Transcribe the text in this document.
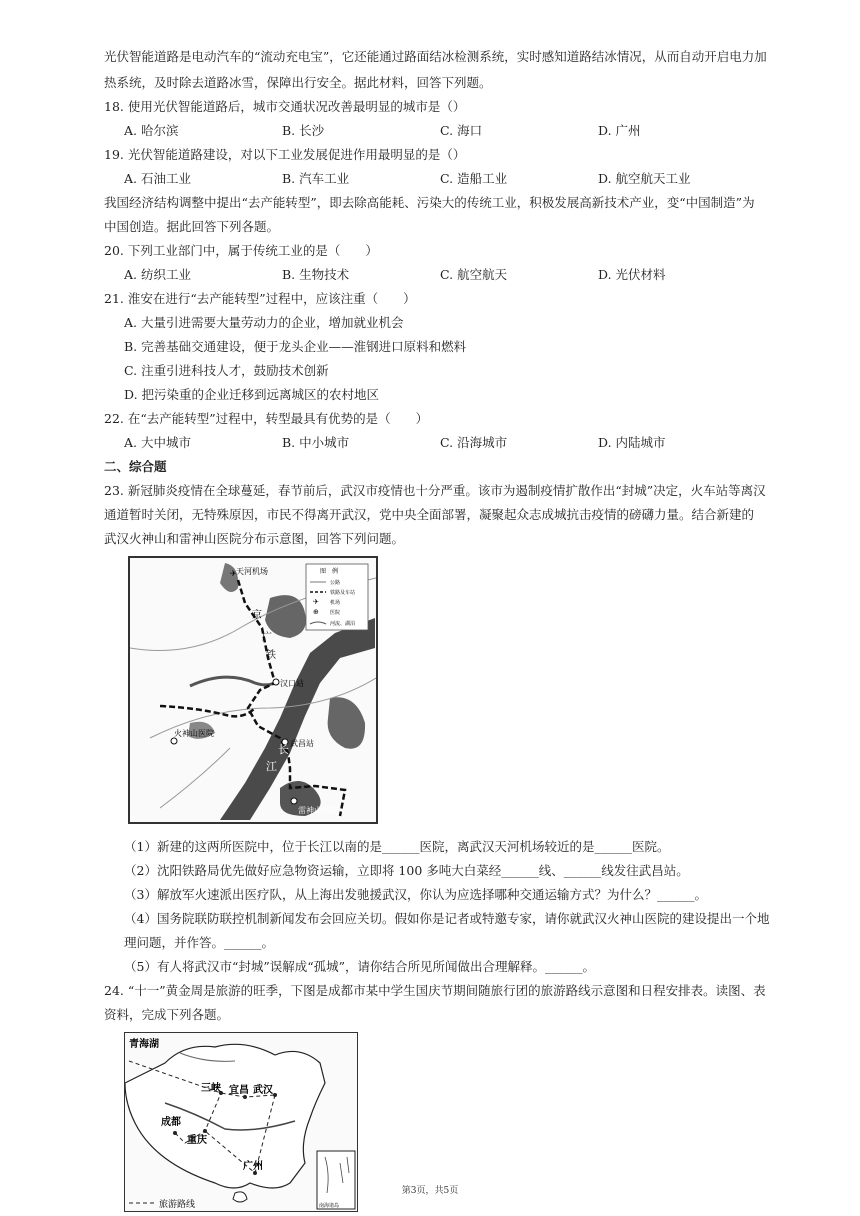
光伏智能道路是电动汽车的“流动充电宝”，它还能通过路面结冰检测系统，实时感知道路结冰情况，从而自动开启电力加
热系统，及时除去道路冰雪，保障出行安全。据此材料，回答下列题。
18. 使用光伏智能道路后，城市交通状况改善最明显的城市是（）
A. 哈尔滨	B. 长沙	C. 海口	D. 广州
19. 光伏智能道路建设，对以下工业发展促进作用最明显的是（）
A. 石油工业	B. 汽车工业	C. 造船工业	D. 航空航天工业
我国经济结构调整中提出“去产能转型”，即去除高能耗、污染大的传统工业，积极发展高新技术产业，变“中国制造”为
中国创造。据此回答下列各题。
20. 下列工业部门中，属于传统工业的是（　　）
A. 纺织工业	B. 生物技术	C. 航空航天	D. 光伏材料
21. 淮安在进行“去产能转型”过程中，应该注重（　　）
A. 大量引进需要大量劳动力的企业，增加就业机会
B. 完善基础交通建设，便于龙头企业——淮钢进口原料和燃料
C. 注重引进科技人才，鼓励技术创新
D. 把污染重的企业迁移到远离城区的农村地区
22. 在“去产能转型”过程中，转型最具有优势的是（　　）
A. 大中城市	B. 中小城市	C. 沿海城市	D. 内陆城市
二、综合题
23. 新冠肺炎疫情在全球蔓延，春节前后，武汉市疫情也十分严重。该市为遏制疫情扩散作出“封城”决定，火车站等离汉
通道暂时关闭，无特殊原因，市民不得离开武汉，党中央全面部署，凝聚起众志成城抗击疫情的磅礴力量。结合新建的
武汉火神山和雷神山医院分布示意图，回答下列问题。
图　例
公路
铁路及车站
✈ 机场
⊕ 医院
河流、湖泊
✈ 天河机场
京
广
铁
汉口站
火神山医院
武昌站
长
江
雷神山医院
（1）新建的这两所医院中，位于长江以南的是______医院，离武汉天河机场较近的是______医院。
（2）沈阳铁路局优先做好应急物资运输，立即将 100 多吨大白菜经______线、______线发往武昌站。
（3）解放军火速派出医疗队，从上海出发驰援武汉，你认为应选择哪种交通运输方式？为什么？______。
（4）国务院联防联控机制新闻发布会回应关切。假如你是记者或特邀专家，请你就武汉火神山医院的建设提出一个地
理问题，并作答。______。
（5）有人将武汉市“封城”误解成“孤城”，请你结合所见所闻做出合理解释。______。
24. “十一”黄金周是旅游的旺季，下图是成都市某中学生国庆节期间随旅行团的旅游路线示意图和日程安排表。读图、表
资料，完成下列各题。
青海湖
三峡 宜昌 武汉
成都
重庆
广州
旅游路线	南海诸岛
第3页，共5页
